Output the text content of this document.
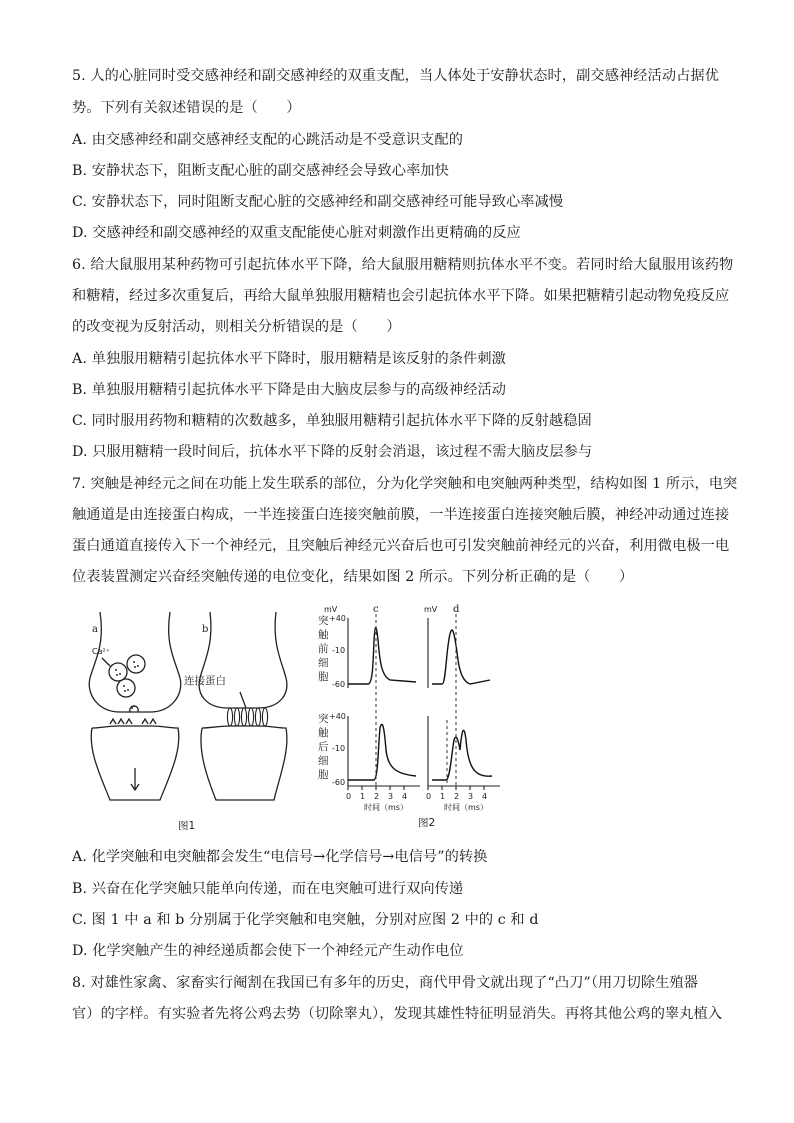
5. 人的心脏同时受交感神经和副交感神经的双重支配，当人体处于安静状态时，副交感神经活动占据优
势。下列有关叙述错误的是（　　）
A. 由交感神经和副交感神经支配的心跳活动是不受意识支配的
B. 安静状态下，阻断支配心脏的副交感神经会导致心率加快
C. 安静状态下，同时阻断支配心脏的交感神经和副交感神经可能导致心率减慢
D. 交感神经和副交感神经的双重支配能使心脏对刺激作出更精确的反应
6. 给大鼠服用某种药物可引起抗体水平下降，给大鼠服用糖精则抗体水平不变。若同时给大鼠服用该药物
和糖精，经过多次重复后，再给大鼠单独服用糖精也会引起抗体水平下降。如果把糖精引起动物免疫反应
的改变视为反射活动，则相关分析错误的是（　　）
A. 单独服用糖精引起抗体水平下降时，服用糖精是该反射的条件刺激
B. 单独服用糖精引起抗体水平下降是由大脑皮层参与的高级神经活动
C. 同时服用药物和糖精的次数越多，单独服用糖精引起抗体水平下降的反射越稳固
D. 只服用糖精一段时间后，抗体水平下降的反射会消退，该过程不需大脑皮层参与
7. 突触是神经元之间在功能上发生联系的部位，分为化学突触和电突触两种类型，结构如图 1 所示，电突
触通道是由连接蛋白构成，一半连接蛋白连接突触前膜，一半连接蛋白连接突触后膜，神经冲动通过连接
蛋白通道直接传入下一个神经元，且突触后神经元兴奋后也可引发突触前神经元的兴奋，利用微电极一电
位表装置测定兴奋经突触传递的电位变化，结果如图 2 所示。下列分析正确的是（　　）
a
Ca²⁺
b
连接蛋白
图1
c	d
mV	mV
+40
-10
-60
+40
-10
-60
突
触
前
细
胞
突
触
后
细
胞
0 1 2 3 4 0 1 2 3 4
时间（ms）	时间（ms）
图2
A. 化学突触和电突触都会发生“电信号→化学信号→电信号”的转换
B. 兴奋在化学突触只能单向传递，而在电突触可进行双向传递
C. 图 1 中 a 和 b 分别属于化学突触和电突触，分别对应图 2 中的 c 和 d
D. 化学突触产生的神经递质都会使下一个神经元产生动作电位
8. 对雄性家禽、家畜实行阉割在我国已有多年的历史，商代甲骨文就出现了“凸刀”（用刀切除生殖器
官）的字样。有实验者先将公鸡去势（切除睾丸），发现其雄性特征明显消失。再将其他公鸡的睾丸植入
